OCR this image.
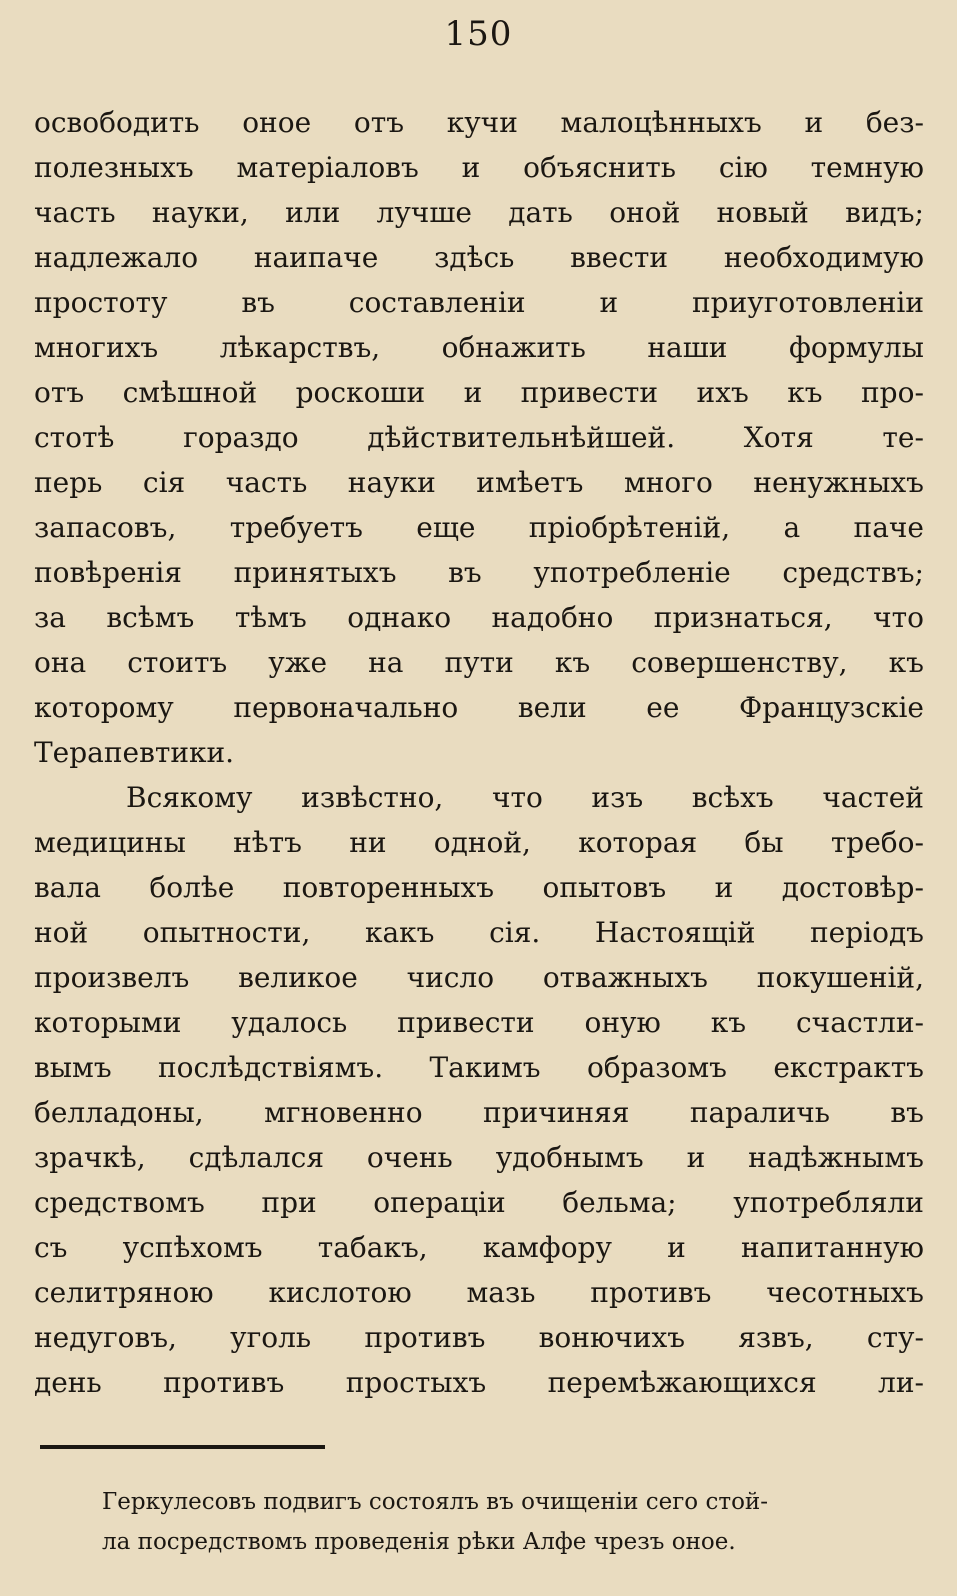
150
освободить оное отъ кучи малоцѣнныхъ и без-
полезныхъ матеріаловъ и объяснить сію темную
часть науки, или лучше дать оной новый видъ;
надлежало наипаче здѣсь ввести необходимую
простоту	въ	составленіи	и	приуготовленіи
многихъ лѣкарствъ, обнажить наши формулы
отъ смѣшной роскоши и привести ихъ къ про-
стотѣ гораздо дѣйствительнѣйшей. Хотя те-
перь сія часть науки имѣетъ много ненужныхъ
запасовъ, требуетъ еще пріобрѣтеній, а паче
повѣренія принятыхъ въ употребленіе средствъ;
за всѣмъ тѣмъ однако надобно признаться, что
она стоитъ уже на пути къ совершенству, къ
которому первоначально вели ее Французскіе
Терапевтики.
Всякому извѣстно, что изъ всѣхъ частей
медицины нѣтъ ни одной, которая бы требо-
вала болѣе повторенныхъ опытовъ и достовѣр-
ной опытности, какъ сія. Настоящій періодъ
произвелъ великое число отважныхъ покушеній,
которыми удалось привести оную къ счастли-
вымъ послѣдствіямъ. Такимъ образомъ екстрактъ
белладоны, мгновенно причиняя параличь въ
зрачкѣ, сдѣлался очень удобнымъ и надѣжнымъ
средствомъ при операціи бельма; употребляли
съ успѣхомъ табакъ, камфору и напитанную
селитряною кислотою мазь противъ чесотныхъ
недуговъ, уголь противъ вонючихъ язвъ, сту-
день противъ простыхъ перемѣжающихся ли-
Геркулесовъ подвигъ состоялъ въ очищеніи сего стой-
ла посредствомъ проведенія рѣки Алфе чрезъ оное.
